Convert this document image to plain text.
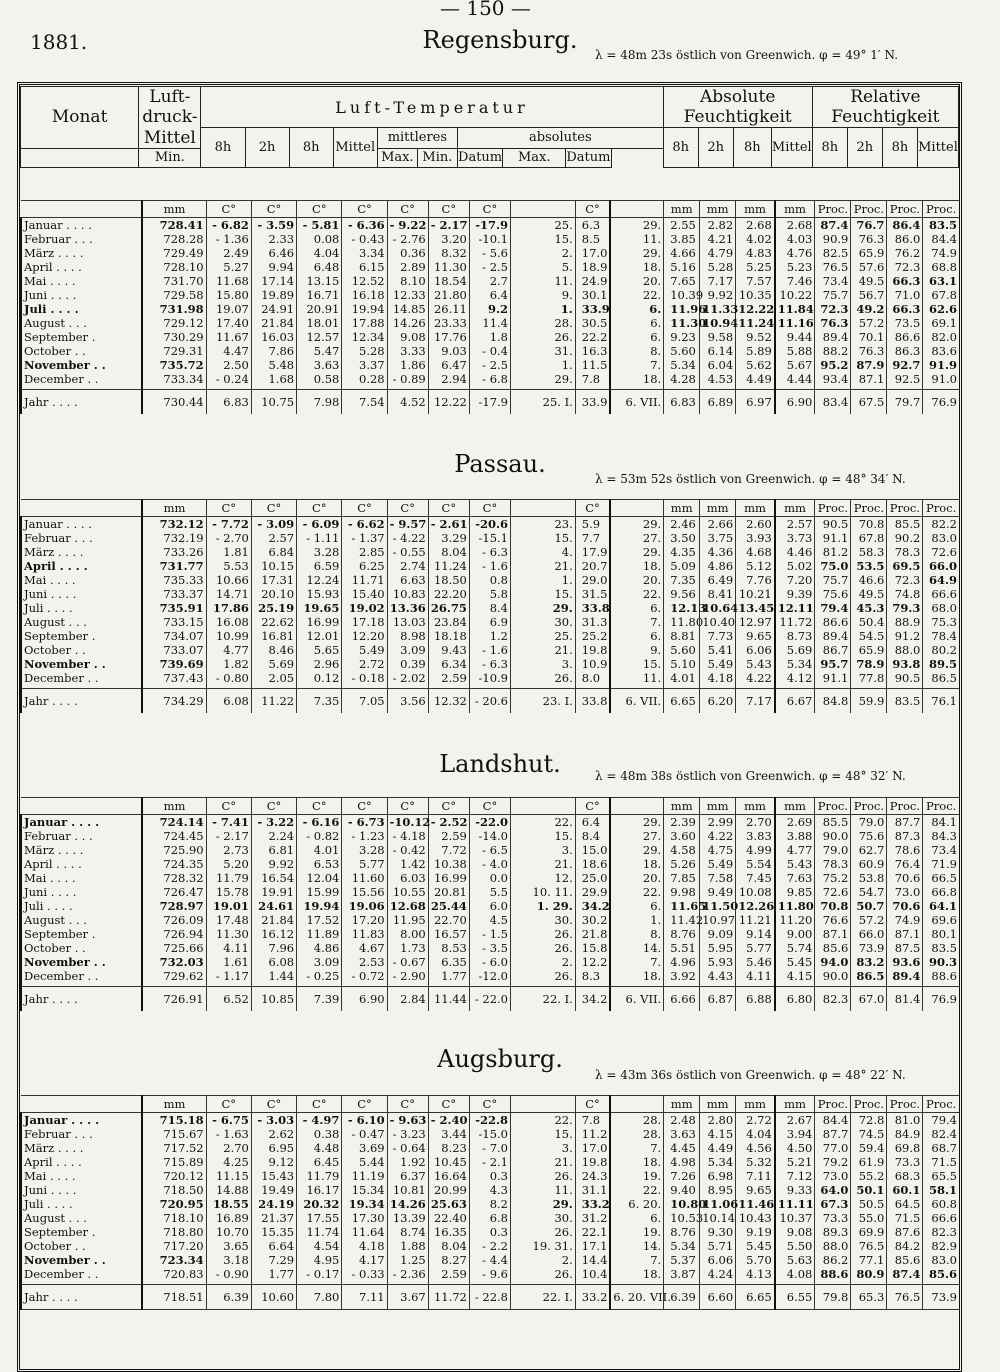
1881.
— 150 —
Monat	Luft-	Luft-Temperatur									Absolute Feuchtigkeit				Relative Feuchtigkeit			
	druck-																	
	Mittel	8h	2h	8h	Mittel	mittleres		absolutes			8h	2h	8h	Mittel	8h	2h	8h	Mittel
	Min.					Max.	Min.	Datum	Max.	Datum								
Regensburg.
λ = 48m 23s östlich von Greenwich. φ = 49° 1′ N.
	mm	C°	C°	C°	C°	C°	C°	C°		C°		mm	mm	mm	mm	Proc.	Proc.	Proc.	Proc.
Januar . . . .	728.41	- 6.82	- 3.59	- 5.81	- 6.36	- 9.22	- 2.17	-17.9	25.	6.3	29.	2.55	2.82	2.68	2.68	87.4	76.7	86.4	83.5
Februar . . .	728.28	- 1.36	2.33	0.08	- 0.43	- 2.76	3.20	-10.1	15.	8.5	11.	3.85	4.21	4.02	4.03	90.9	76.3	86.0	84.4
März . . . .	729.49	2.49	6.46	4.04	3.34	0.36	8.32	- 5.6	2.	17.0	29.	4.66	4.79	4.83	4.76	82.5	65.9	76.2	74.9
April . . . .	728.10	5.27	9.94	6.48	6.15	2.89	11.30	- 2.5	5.	18.9	18.	5.16	5.28	5.25	5.23	76.5	57.6	72.3	68.8
Mai . . . .	731.70	11.68	17.14	13.15	12.52	8.10	18.54	2.7	11.	24.9	20.	7.65	7.17	7.57	7.46	73.4	49.5	66.3	63.1
Juni . . . .	729.58	15.80	19.89	16.71	16.18	12.33	21.80	6.4	9.	30.1	22.	10.39	9.92	10.35	10.22	75.7	56.7	71.0	67.8
Juli . . . .	731.98	19.07	24.91	20.91	19.94	14.85	26.11	9.2	1.	33.9	6.	11.96	11.33	12.22	11.84	72.3	49.2	66.3	62.6
August . . .	729.12	17.40	21.84	18.01	17.88	14.26	23.33	11.4	28.	30.5	6.	11.30	10.94	11.24	11.16	76.3	57.2	73.5	69.1
September .	730.29	11.67	16.03	12.57	12.34	9.08	17.76	1.8	26.	22.2	6.	9.23	9.58	9.52	9.44	89.4	70.1	86.6	82.0
October . .	729.31	4.47	7.86	5.47	5.28	3.33	9.03	- 0.4	31.	16.3	8.	5.60	6.14	5.89	5.88	88.2	76.3	86.3	83.6
November . .	735.72	2.50	5.48	3.63	3.37	1.86	6.47	- 2.5	1.	11.5	7.	5.34	6.04	5.62	5.67	95.2	87.9	92.7	91.9
December . .	733.34	- 0.24	1.68	0.58	0.28	- 0.89	2.94	- 6.8	29.	7.8	18.	4.28	4.53	4.49	4.44	93.4	87.1	92.5	91.0
Jahr . . . .	730.44	6.83	10.75	7.98	7.54	4.52	12.22	-17.9	25. I.	33.9	6. VII.	6.83	6.89	6.97	6.90	83.4	67.5	79.7	76.9
Passau.
λ = 53m 52s östlich von Greenwich. φ = 48° 34′ N.
	mm	C°	C°	C°	C°	C°	C°	C°		C°		mm	mm	mm	mm	Proc.	Proc.	Proc.	Proc.
Januar . . . .	732.12	- 7.72	- 3.09	- 6.09	- 6.62	- 9.57	- 2.61	-20.6	23.	5.9	29.	2.46	2.66	2.60	2.57	90.5	70.8	85.5	82.2
Februar . . .	732.19	- 2.70	2.57	- 1.11	- 1.37	- 4.22	3.29	-15.1	15.	7.7	27.	3.50	3.75	3.93	3.73	91.1	67.8	90.2	83.0
März . . . .	733.26	1.81	6.84	3.28	2.85	- 0.55	8.04	- 6.3	4.	17.9	29.	4.35	4.36	4.68	4.46	81.2	58.3	78.3	72.6
April . . . .	731.77	5.53	10.15	6.59	6.25	2.74	11.24	- 1.6	21.	20.7	18.	5.09	4.86	5.12	5.02	75.0	53.5	69.5	66.0
Mai . . . .	735.33	10.66	17.31	12.24	11.71	6.63	18.50	0.8	1.	29.0	20.	7.35	6.49	7.76	7.20	75.7	46.6	72.3	64.9
Juni . . . .	733.37	14.71	20.10	15.93	15.40	10.83	22.20	5.8	15.	31.5	22.	9.56	8.41	10.21	9.39	75.6	49.5	74.8	66.6
Juli . . . .	735.91	17.86	25.19	19.65	19.02	13.36	26.75	8.4	29.	33.8	6.	12.13	10.64	13.45	12.11	79.4	45.3	79.3	68.0
August . . .	733.15	16.08	22.62	16.99	17.18	13.03	23.84	6.9	30.	31.3	7.	11.80	10.40	12.97	11.72	86.6	50.4	88.9	75.3
September .	734.07	10.99	16.81	12.01	12.20	8.98	18.18	1.2	25.	25.2	6.	8.81	7.73	9.65	8.73	89.4	54.5	91.2	78.4
October . .	733.07	4.77	8.46	5.65	5.49	3.09	9.43	- 1.6	21.	19.8	9.	5.60	5.41	6.06	5.69	86.7	65.9	88.0	80.2
November . .	739.69	1.82	5.69	2.96	2.72	0.39	6.34	- 6.3	3.	10.9	15.	5.10	5.49	5.43	5.34	95.7	78.9	93.8	89.5
December . .	737.43	- 0.80	2.05	0.12	- 0.18	- 2.02	2.59	-10.9	26.	8.0	11.	4.01	4.18	4.22	4.12	91.1	77.8	90.5	86.5
Jahr . . . .	734.29	6.08	11.22	7.35	7.05	3.56	12.32	- 20.6	23. I.	33.8	6. VII.	6.65	6.20	7.17	6.67	84.8	59.9	83.5	76.1
Landshut.	λ = 48m 38s östlich von Greenwich. φ = 48° 32′ N.
	mm	C°	C°	C°	C°	C°	C°	C°		C°		mm	mm	mm	mm	Proc.	Proc.	Proc.	Proc.
Januar . . . .	724.14	- 7.41	- 3.22	- 6.16	- 6.73	-10.12	- 2.52	-22.0	22.	6.4	29.	2.39	2.99	2.70	2.69	85.5	79.0	87.7	84.1
Februar . . .	724.45	- 2.17	2.24	- 0.82	- 1.23	- 4.18	2.59	-14.0	15.	8.4	27.	3.60	4.22	3.83	3.88	90.0	75.6	87.3	84.3
März . . . .	725.90	2.73	6.81	4.01	3.28	- 0.42	7.72	- 6.5	3.	15.0	29.	4.58	4.75	4.99	4.77	79.0	62.7	78.6	73.4
April . . . .	724.35	5.20	9.92	6.53	5.77	1.42	10.38	- 4.0	21.	18.6	18.	5.26	5.49	5.54	5.43	78.3	60.9	76.4	71.9
Mai . . . .	728.32	11.79	16.54	12.04	11.60	6.03	16.99	0.0	12.	25.0	20.	7.85	7.58	7.45	7.63	75.2	53.8	70.6	66.5
Juni . . . .	726.47	15.78	19.91	15.99	15.56	10.55	20.81	5.5	10. 11.	29.9	22.	9.98	9.49	10.08	9.85	72.6	54.7	73.0	66.8
Juli . . . .	728.97	19.01	24.61	19.94	19.06	12.68	25.44	6.0	1. 29.	34.2	6.	11.65	11.50	12.26	11.80	70.8	50.7	70.6	64.1
August . . .	726.09	17.48	21.84	17.52	17.20	11.95	22.70	4.5	30.	30.2	1.	11.42	10.97	11.21	11.20	76.6	57.2	74.9	69.6
September .	726.94	11.30	16.12	11.89	11.83	8.00	16.57	- 1.5	26.	21.8	8.	8.76	9.09	9.14	9.00	87.1	66.0	87.1	80.1
October . .	725.66	4.11	7.96	4.86	4.67	1.73	8.53	- 3.5	26.	15.8	14.	5.51	5.95	5.77	5.74	85.6	73.9	87.5	83.5
November . .	732.03	1.61	6.08	3.09	2.53	- 0.67	6.35	- 6.0	2.	12.2	7.	4.96	5.93	5.46	5.45	94.0	83.2	93.6	90.3
December . .	729.62	- 1.17	1.44	- 0.25	- 0.72	- 2.90	1.77	-12.0	26.	8.3	18.	3.92	4.43	4.11	4.15	90.0	86.5	89.4	88.6
Jahr . . . .	726.91	6.52	10.85	7.39	6.90	2.84	11.44	- 22.0	22. I.	34.2	6. VII.	6.66	6.87	6.88	6.80	82.3	67.0	81.4	76.9
Augsburg.
λ = 43m 36s östlich von Greenwich. φ = 48° 22′ N.
	mm	C°	C°	C°	C°	C°	C°	C°		C°		mm	mm	mm	mm	Proc.	Proc.	Proc.	Proc.
Januar . . . .	715.18	- 6.75	- 3.03	- 4.97	- 6.10	- 9.63	- 2.40	-22.8	22.	7.8	28.	2.48	2.80	2.72	2.67	84.4	72.8	81.0	79.4
Februar . . .	715.67	- 1.63	2.62	0.38	- 0.47	- 3.23	3.44	-15.0	15.	11.2	28.	3.63	4.15	4.04	3.94	87.7	74.5	84.9	82.4
März . . . .	717.52	2.70	6.95	4.48	3.69	- 0.64	8.23	- 7.0	3.	17.0	7.	4.45	4.49	4.56	4.50	77.0	59.4	69.8	68.7
April . . . .	715.89	4.25	9.12	6.45	5.44	1.92	10.45	- 2.1	21.	19.8	18.	4.98	5.34	5.32	5.21	79.2	61.9	73.3	71.5
Mai . . . .	720.12	11.15	15.43	11.79	11.19	6.37	16.64	0.3	26.	24.3	19.	7.26	6.98	7.11	7.12	73.0	55.2	68.3	65.5
Juni . . . .	718.50	14.88	19.49	16.17	15.34	10.81	20.99	4.3	11.	31.1	22.	9.40	8.95	9.65	9.33	64.0	50.1	60.1	58.1
Juli . . . .	720.95	18.55	24.19	20.32	19.34	14.26	25.63	8.2	29.	33.2	6. 20.	10.80	11.06	11.46	11.11	67.3	50.5	64.5	60.8
August . . .	718.10	16.89	21.37	17.55	17.30	13.39	22.40	6.8	30.	31.2	6.	10.53	10.14	10.43	10.37	73.3	55.0	71.5	66.6
September .	718.80	10.70	15.35	11.74	11.64	8.74	16.35	0.3	26.	22.1	19.	8.76	9.30	9.19	9.08	89.3	69.9	87.6	82.3
October . .	717.20	3.65	6.64	4.54	4.18	1.88	8.04	- 2.2	19. 31.	17.1	14.	5.34	5.71	5.45	5.50	88.0	76.5	84.2	82.9
November . .	723.34	3.18	7.29	4.95	4.17	1.25	8.27	- 4.4	2.	14.4	7.	5.37	6.06	5.70	5.63	86.2	77.1	85.6	83.0
December . .	720.83	- 0.90	1.77	- 0.17	- 0.33	- 2.36	2.59	- 9.6	26.	10.4	18.	3.87	4.24	4.13	4.08	88.6	80.9	87.4	85.6
Jahr . . . .	718.51	6.39	10.60	7.80	7.11	3.67	11.72	- 22.8	22. I.	33.2	6. 20. VII.	6.39	6.60	6.65	6.55	79.8	65.3	76.5	73.9
